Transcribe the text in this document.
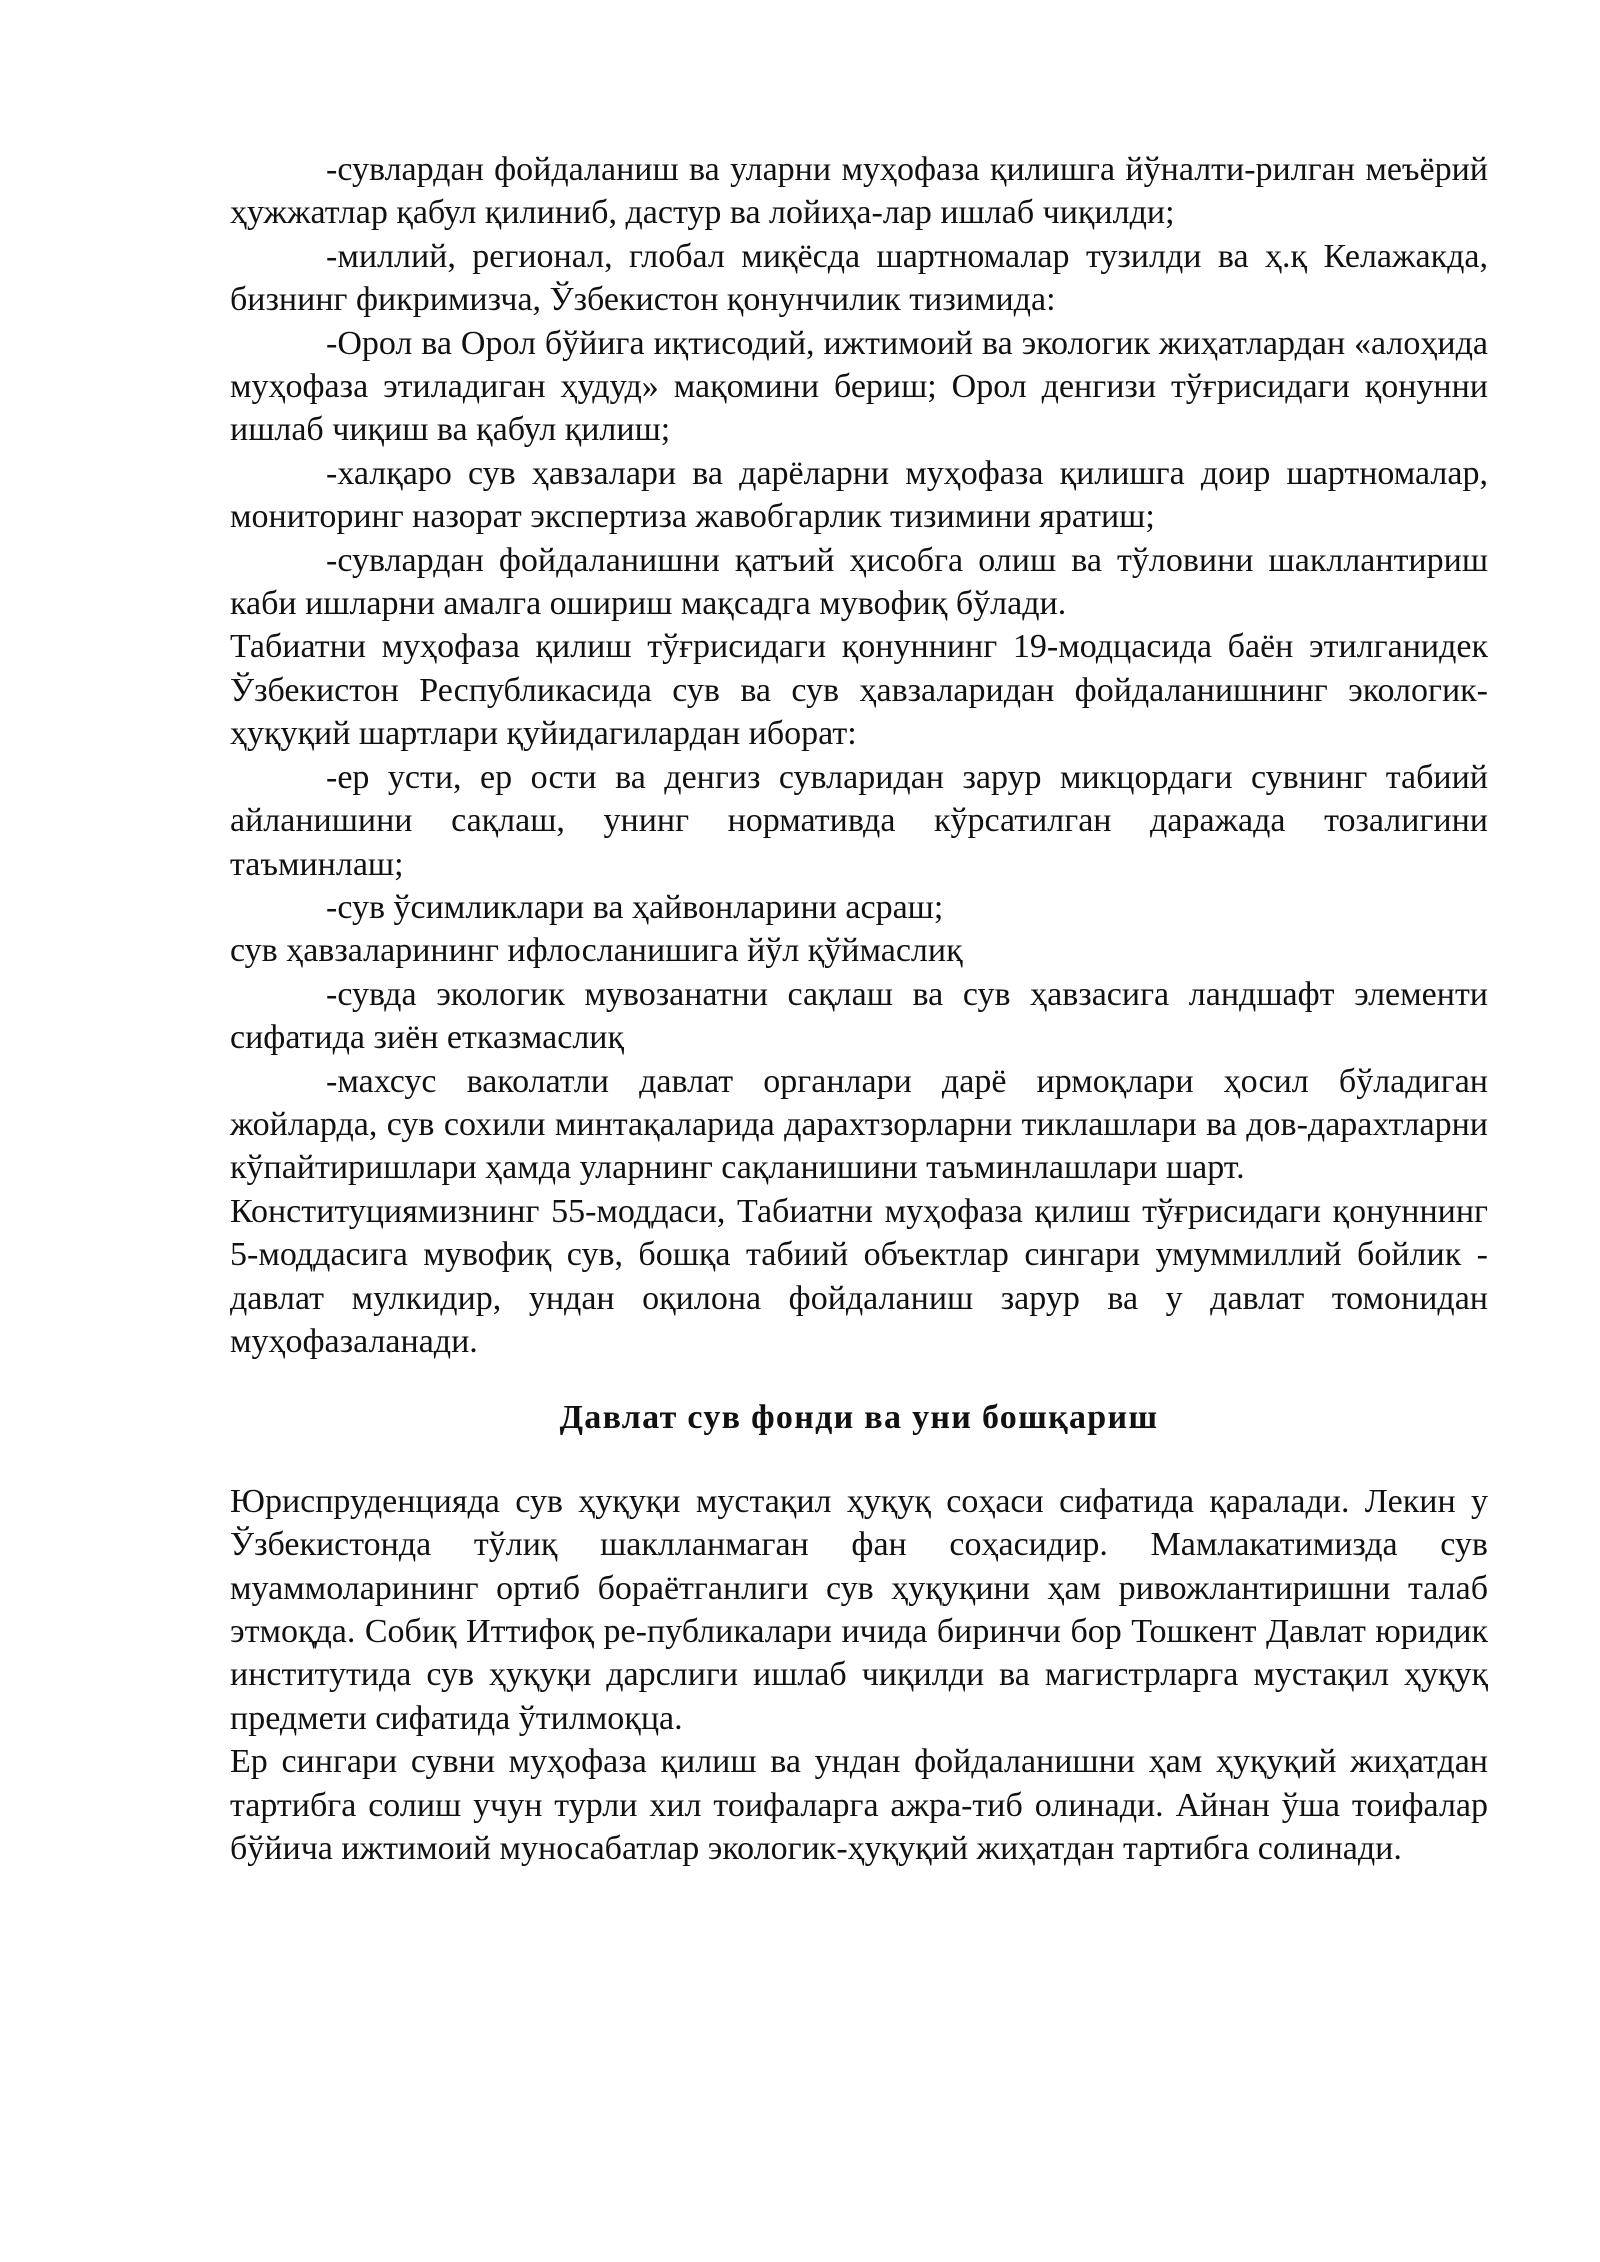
-сувлардан фойдаланиш ва уларни муҳофаза қилишга йўналти-рилган меъёрий ҳужжатлар қабул қилиниб, дастур ва лойиҳа-лар ишлаб чиқилди;

-миллий, регионал, глобал миқёсда шартномалар тузилди ва ҳ.қ Келажакда, бизнинг фикримизча, Ўзбекистон қонунчилик тизимида:

-Орол ва Орол бўйига иқтисодий, ижтимоий ва экологик жиҳатлардан «алоҳида муҳофаза этиладиган ҳудуд» мақомини бериш; Орол денгизи тўғрисидаги қонунни ишлаб чиқиш ва қабул қилиш;

-халқаро сув ҳавзалари ва дарёларни муҳофаза қилишга доир шартномалар, мониторинг назорат экспертиза жавобгарлик тизимини яратиш;

-сувлардан фойдаланишни қатъий ҳисобга олиш ва тўловини шакллантириш каби ишларни амалга ошириш мақсадга мувофиқ бўлади.

Табиатни муҳофаза қилиш тўғрисидаги қонуннинг 19-модцасида баён этилганидек Ўзбекистон Республикасида сув ва сув ҳавзаларидан фойдаланишнинг экологик-ҳуқуқий шартлари қуйидагилардан иборат:

-ер усти, ер ости ва денгиз сувларидан зарур микцордаги сувнинг табиий айланишини сақлаш, унинг нормативда кўрсатилган даражада тозалигини таъминлаш;

-сув ўсимликлари ва ҳайвонларини асраш;

сув ҳавзаларининг ифлосланишига йўл қўймаслиқ

-сувда экологик мувозанатни сақлаш ва сув ҳавзасига ландшафт элементи сифатида зиён етказмаслиқ

-махсус ваколатли давлат органлари дарё ирмоқлари ҳосил бўладиган жойларда, сув сохили минтақаларида дарахтзорларни тиклашлари ва дов-дарахтларни кўпайтиришлари ҳамда уларнинг сақланишини таъминлашлари шарт.

Конституциямизнинг 55-моддаси, Табиатни муҳофаза қилиш тўғрисидаги қонуннинг 5-моддасига мувофиқ сув, бошқа табиий объектлар сингари умуммиллий бойлик - давлат мулкидир, ундан оқилона фойдаланиш зарур ва у давлат томонидан муҳофазаланади.

Давлат сув фонди ва уни бошқариш

Юриспруденцияда сув ҳуқуқи мустақил ҳуқуқ соҳаси сифатида қаралади. Лекин у Ўзбекистонда тўлиқ шаклланмаган фан соҳасидир. Мамлакатимизда сув муаммоларининг ортиб бораётганлиги сув ҳуқуқини ҳам ривожлантиришни талаб этмоқда. Собиқ Иттифоқ ре-публикалари ичида биринчи бор Тошкент Давлат юридик институтида сув ҳуқуқи дарслиги ишлаб чиқилди ва магистрларга мустақил ҳуқуқ предмети сифатида ўтилмоқца.

Ер сингари сувни муҳофаза қилиш ва ундан фойдаланишни ҳам ҳуқуқий жиҳатдан тартибга солиш учун турли хил тоифаларга ажра-тиб олинади. Айнан ўша тоифалар бўйича ижтимоий муносабатлар экологик-ҳуқуқий жиҳатдан тартибга солинади.
